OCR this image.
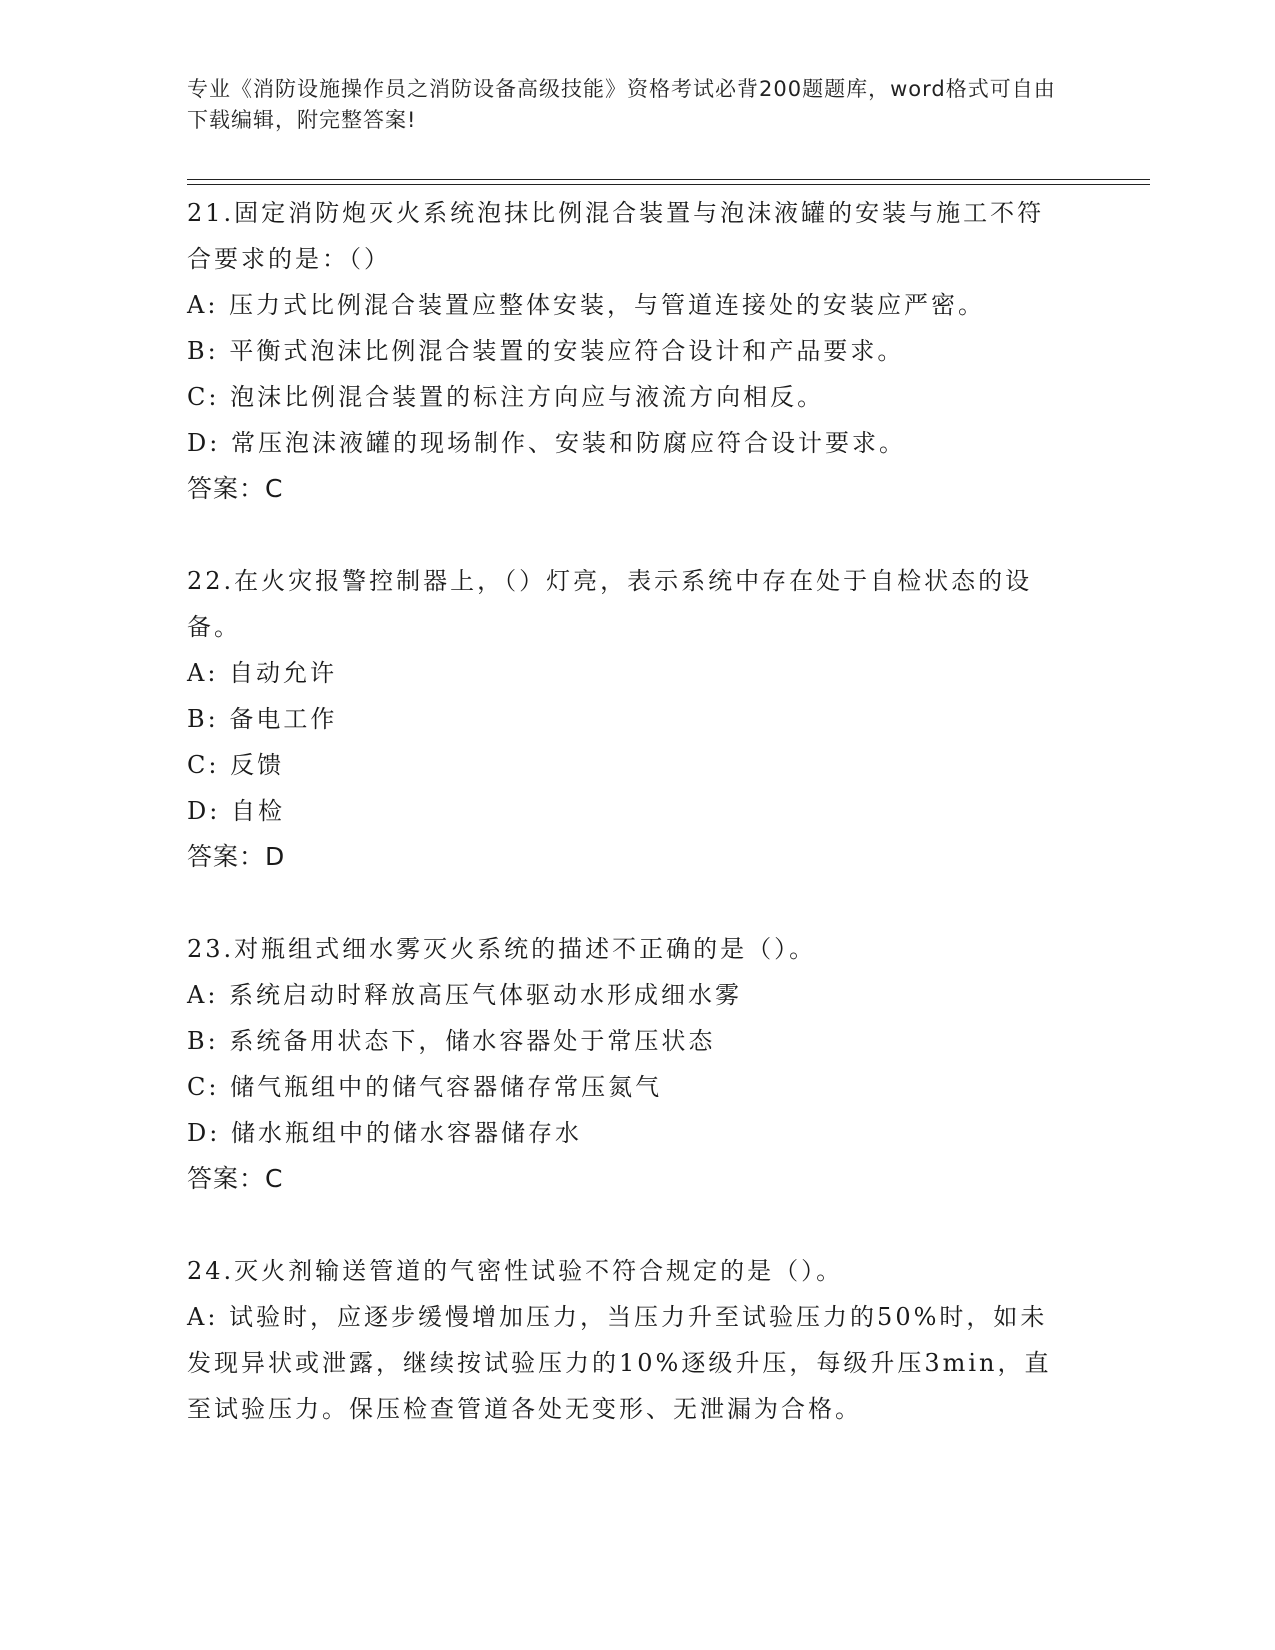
专业《消防设施操作员之消防设备高级技能》资格考试必背200题题库，word格式可自由下载编辑，附完整答案!

21.固定消防炮灭火系统泡抹比例混合装置与泡沫液罐的安装与施工不符合要求的是：（）

A: 压力式比例混合装置应整体安装，与管道连接处的安装应严密。

B: 平衡式泡沫比例混合装置的安装应符合设计和产品要求。

C: 泡沫比例混合装置的标注方向应与液流方向相反。

D: 常压泡沫液罐的现场制作、安装和防腐应符合设计要求。

答案：C

22.在火灾报警控制器上，（）灯亮，表示系统中存在处于自检状态的设备。

A: 自动允许

B: 备电工作

C: 反馈

D: 自检

答案：D

23.对瓶组式细水雾灭火系统的描述不正确的是（）。

A: 系统启动时释放高压气体驱动水形成细水雾

B: 系统备用状态下，储水容器处于常压状态

C: 储气瓶组中的储气容器储存常压氮气

D: 储水瓶组中的储水容器储存水

答案：C

24.灭火剂输送管道的气密性试验不符合规定的是（）。

A: 试验时，应逐步缓慢增加压力，当压力升至试验压力的50%时，如未发现异状或泄露，继续按试验压力的10%逐级升压，每级升压3min，直至试验压力。保压检查管道各处无变形、无泄漏为合格。
